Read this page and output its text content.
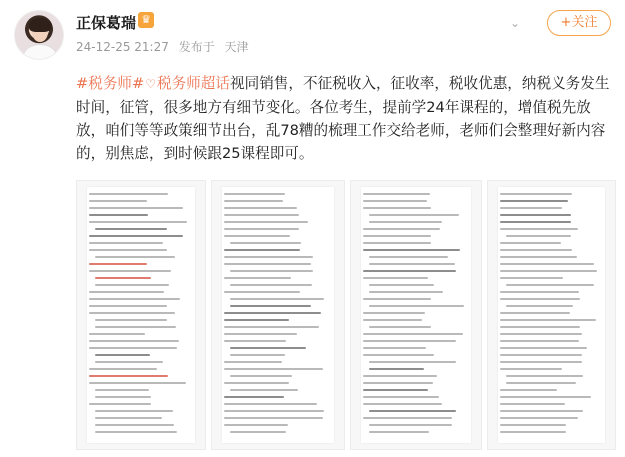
正保葛瑞 ♛
24-12-25 21:27 发布于 天津
⌄	+关注
#税务师#♡税务师超话视同销售，不征税收入，征收率，税收优惠，纳税义务发生时间，征管，很多地方有细节变化。各位考生，提前学24年课程的，增值税先放放，咱们等等政策细节出台，乱78糟的梳理工作交给老师，老师们会整理好新内容的，别焦虑，到时候跟25课程即可。
